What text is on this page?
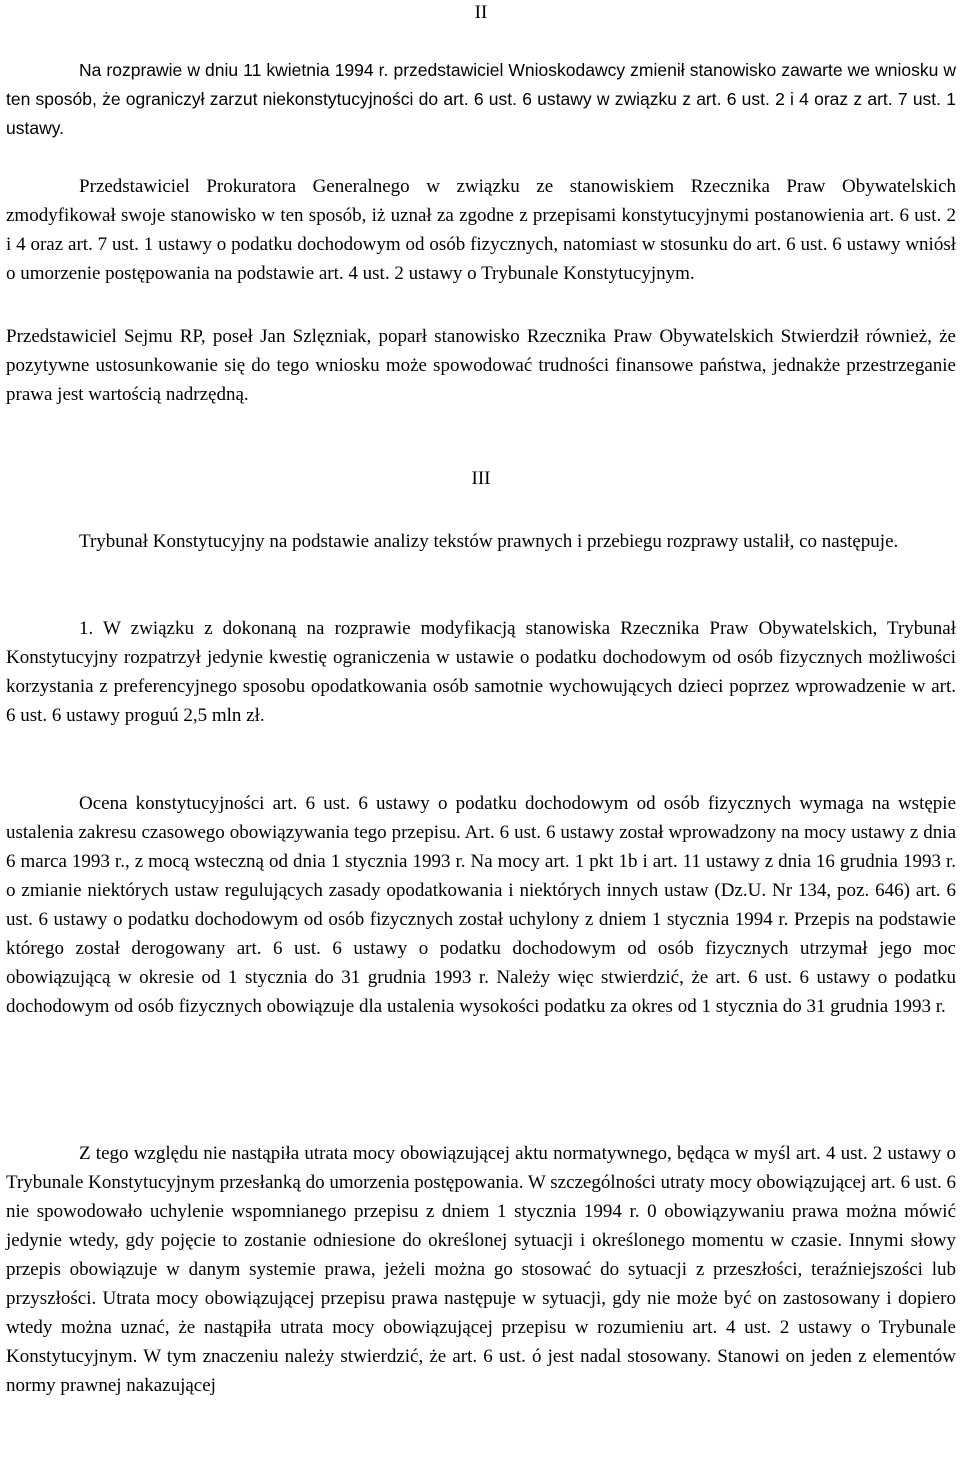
II

Na rozprawie w dniu 11 kwietnia 1994 r. przedstawiciel Wnioskodawcy zmienił stanowisko zawarte we wniosku w ten sposób, że ograniczył zarzut niekonstytucyjności do art. 6 ust. 6 ustawy w związku z art. 6 ust. 2 i 4 oraz z art. 7 ust. 1 ustawy.

Przedstawiciel Prokuratora Generalnego w związku ze stanowiskiem Rzecznika Praw Obywatelskich zmodyfikował swoje stanowisko w ten sposób, iż uznał za zgodne z przepisami konstytucyjnymi postanowienia art. 6 ust. 2 i 4 oraz art. 7 ust. 1 ustawy o podatku dochodowym od osób fizycznych, natomiast w stosunku do art. 6 ust. 6 ustawy wniósł o umorzenie postępowania na podstawie art. 4 ust. 2 ustawy o Trybunale Konstytucyjnym.

Przedstawiciel Sejmu RP, poseł Jan Szlęzniak, poparł stanowisko Rzecznika Praw Obywatelskich Stwierdził również, że pozytywne ustosunkowanie się do tego wniosku może spowodować trudności finansowe państwa, jednakże przestrzeganie prawa jest wartością nadrzędną.

III

Trybunał Konstytucyjny na podstawie analizy tekstów prawnych i przebiegu rozprawy ustalił, co następuje.

1. W związku z dokonaną na rozprawie modyfikacją stanowiska Rzecznika Praw Obywatelskich, Trybunał Konstytucyjny rozpatrzył jedynie kwestię ograniczenia w ustawie o podatku dochodowym od osób fizycznych możliwości korzystania z preferencyjnego sposobu opodatkowania osób samotnie wychowujących dzieci poprzez wprowadzenie w art. 6 ust. 6 ustawy proguú 2,5 mln zł.

Ocena konstytucyjności art. 6 ust. 6 ustawy o podatku dochodowym od osób fizycznych wymaga na wstępie ustalenia zakresu czasowego obowiązywania tego przepisu. Art. 6 ust. 6 ustawy został wprowadzony na mocy ustawy z dnia 6 marca 1993 r., z mocą wsteczną od dnia 1 stycznia 1993 r. Na mocy art. 1 pkt 1b i art. 11 ustawy z dnia 16 grudnia 1993 r. o zmianie niektórych ustaw regulujących zasady opodatkowania i niektórych innych ustaw (Dz.U. Nr 134, poz. 646) art. 6 ust. 6 ustawy o podatku dochodowym od osób fizycznych został uchylony z dniem 1 stycznia 1994 r. Przepis na podstawie którego został derogowany art. 6 ust. 6 ustawy o podatku dochodowym od osób fizycznych utrzymał jego moc obowiązującą w okresie od 1 stycznia do 31 grudnia 1993 r. Należy więc stwierdzić, że art. 6 ust. 6 ustawy o podatku dochodowym od osób fizycznych obowiązuje dla ustalenia wysokości podatku za okres od 1 stycznia do 31 grudnia 1993 r.

Z tego względu nie nastąpiła utrata mocy obowiązującej aktu normatywnego, będąca w myśl art. 4 ust. 2 ustawy o Trybunale Konstytucyjnym przesłanką do umorzenia postępowania. W szczególności utraty mocy obowiązującej art. 6 ust. 6 nie spowodowało uchylenie wspomnianego przepisu z dniem 1 stycznia 1994 r. 0 obowiązywaniu prawa można mówić jedynie wtedy, gdy pojęcie to zostanie odniesione do określonej sytuacji i określonego momentu w czasie. Innymi słowy przepis obowiązuje w danym systemie prawa, jeżeli można go stosować do sytuacji z przeszłości, teraźniejszości lub przyszłości. Utrata mocy obowiązującej przepisu prawa następuje w sytuacji, gdy nie może być on zastosowany i dopiero wtedy można uznać, że nastąpiła utrata mocy obowiązującej przepisu w rozumieniu art. 4 ust. 2 ustawy o Trybunale Konstytucyjnym. W tym znaczeniu należy stwierdzić, że art. 6 ust. ó jest nadal stosowany. Stanowi on jeden z elementów normy prawnej nakazującej
